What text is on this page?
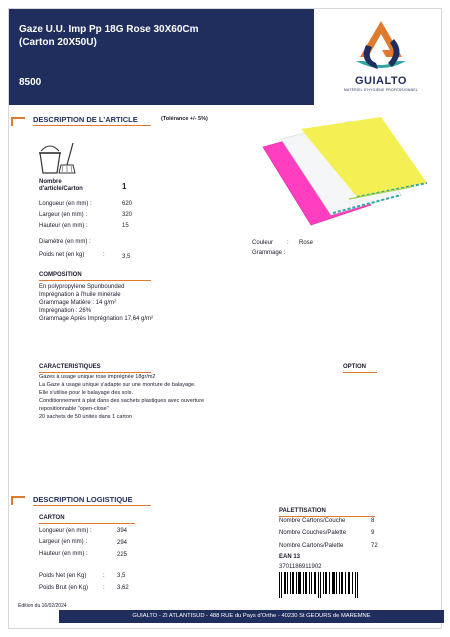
Gaze U.U. Imp Pp 18G Rose 30X60Cm
(Carton 20X50U)
8500	GUIALTO
MATÉRIEL D'HYGIÈNE PROFESSIONNEL
DESCRIPTION DE L'ARTICLE	(Tolérance +/- 5%)
Nombre
d'article/Carton	1
Longueur (en mm) :	620
Largeur (en mm) :	320
Hauteur (en mm) :	15
Diamètre (en mm) :
Poids net (en kg)	:	3,5
Couleur : Rose
Grammage :
COMPOSITION
En polypropylene Spunbounded
Imprégnation à l'huile minérale
Grammage Matière : 14 g/m²
Imprégnation : 26%
Grammage Après Imprégnation 17,64 g/m²
CARACTERISTIQUES	OPTION
Gazes à usage unique rose imprégnée 18gr/m2
La Gaze à usage unique s'adapte sur une monture de balayage.
Elle s'utilise pour le balayage des sols.
Conditionnement à plat dans des sachets plastiques avec ouverture
repositionnable "open-close"
20 sachets de 50 unités dans 1 carton
DESCRIPTION LOGISTIQUE
CARTON
Longueur (en mm) :	394
Largeur (en mm) :	294
Hauteur (en mm) :	225
Poids Net (en Kg)	: 3,5
Poids Brut (en Kg) : 3,62
PALETTISATION
Nombre Cartons/Couche	8
Nombre Couches/Palette	9
Nombre Cartons/Palette	72
EAN 13
3701186911902
Edition du 16/02/2024
GUIALTO - ZI ATLANTISUD - 488 RUE du Pays d'Orthe - 40230 St GEOURS de MAREMNE
